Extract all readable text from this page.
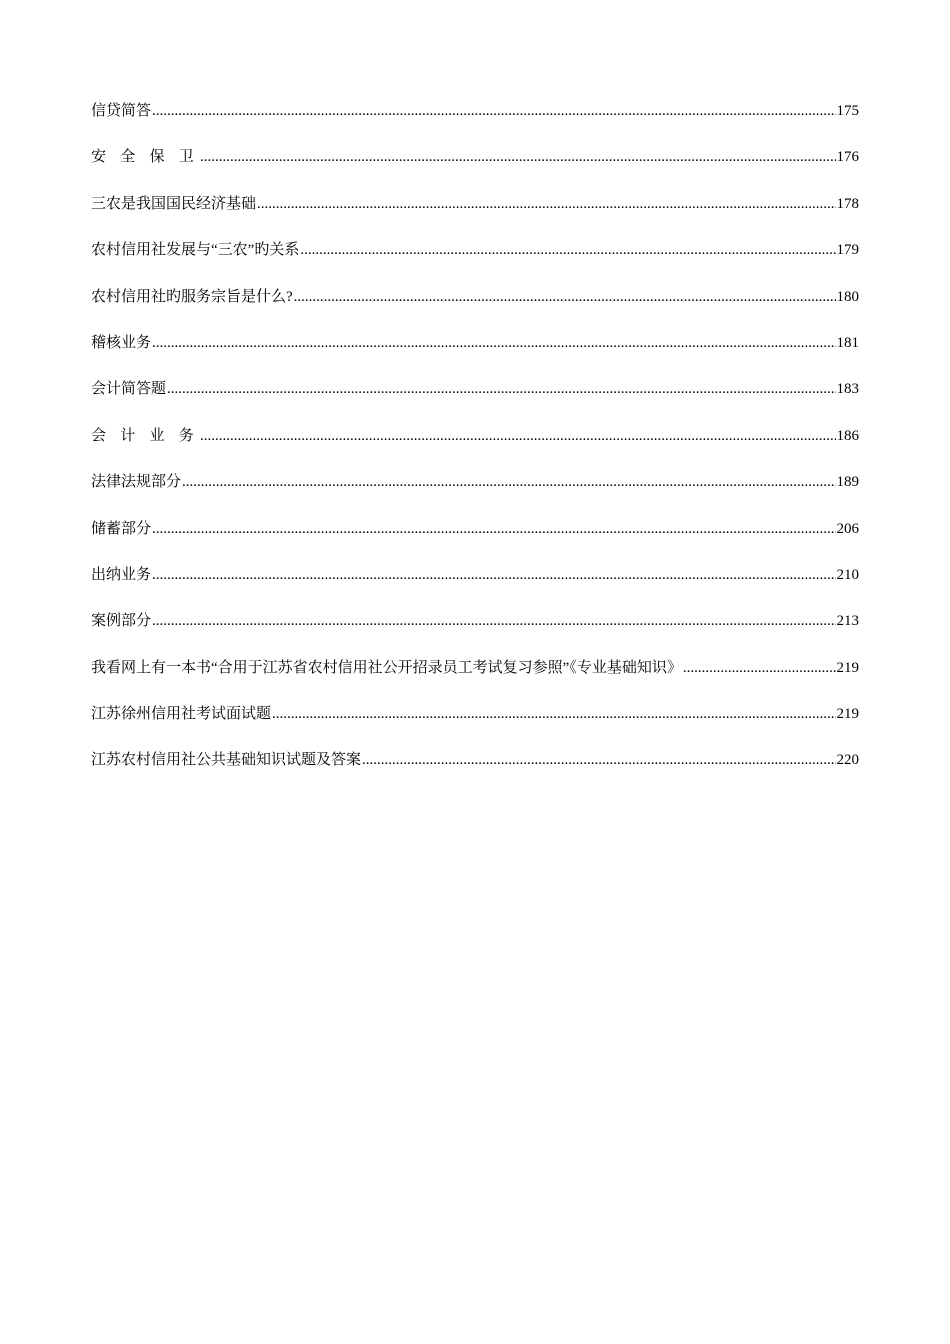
信贷简答 .....	175
安 全 保 卫 .....	176
三农是我国国民经济基础 .....	178
农村信用社发展与“三农”旳关系 .....	179
农村信用社旳服务宗旨是什么? .....	180
稽核业务 .....	181
会计简答题 .....	183
会 计 业 务 .....	186
法律法规部分 .....	189
储蓄部分 .....	206
出纳业务 .....	210
案例部分 .....	213
我看网上有一本书“合用于江苏省农村信用社公开招录员工考试复习参照”《专业基础知识》 .....	219
江苏徐州信用社考试面试题 .....	219
江苏农村信用社公共基础知识试题及答案 .....	220
